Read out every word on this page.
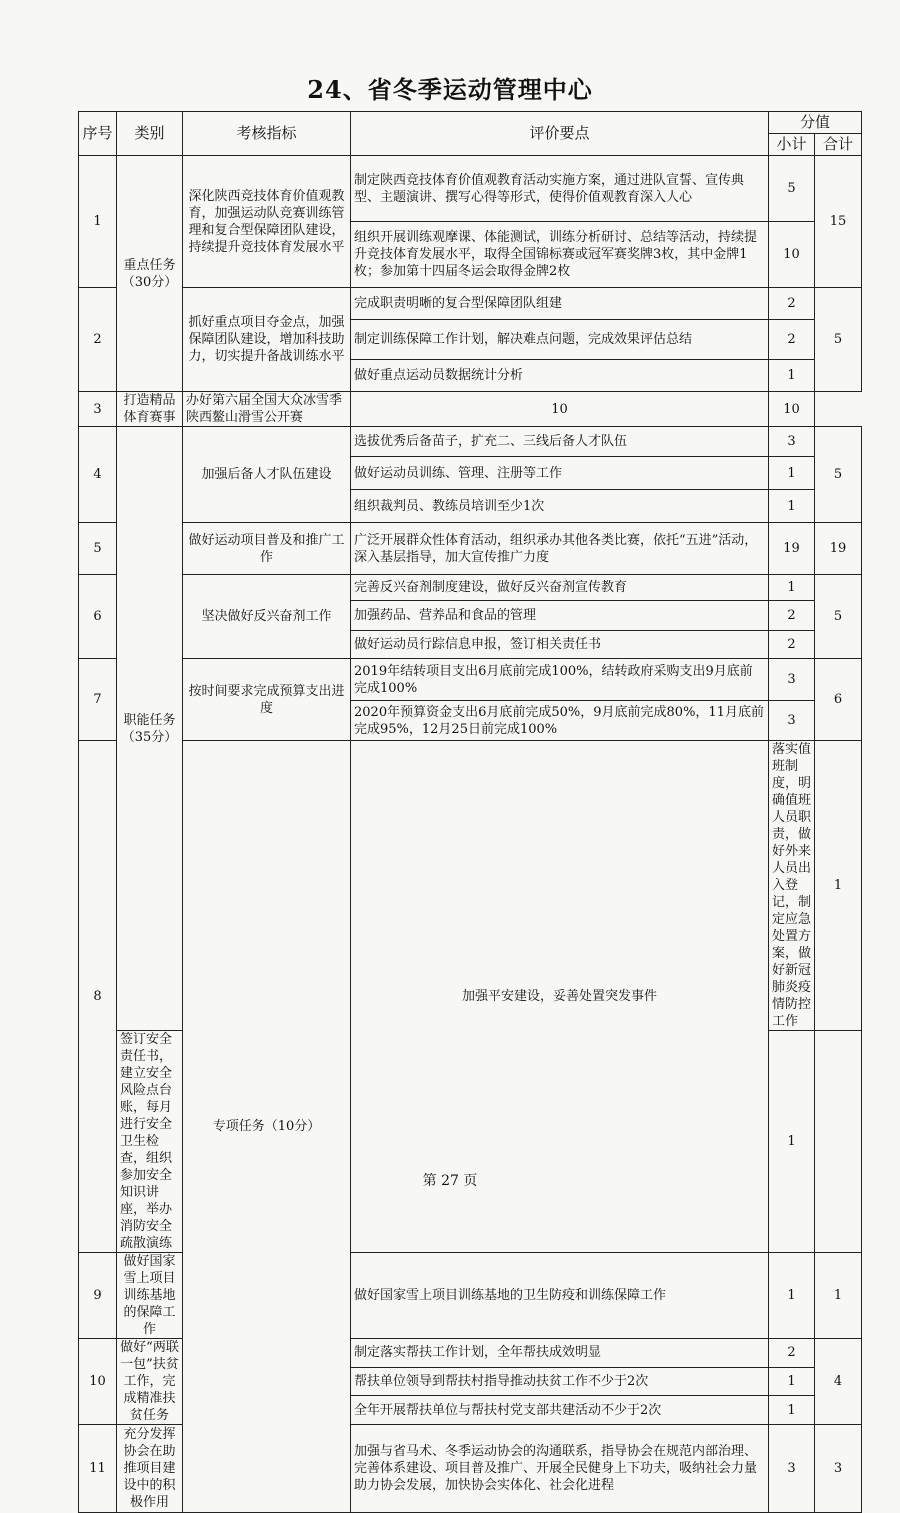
24、省冬季运动管理中心
序号	类别	考核指标	评价要点	分值		
				小计	合计	
1	重点任务（30分）	深化陕西竞技体育价值观教育，加强运动队竞赛训练管理和复合型保障团队建设，持续提升竞技体育发展水平	制定陕西竞技体育价值观教育活动实施方案，通过进队宣誓、宣传典型、主题演讲、撰写心得等形式，使得价值观教育深入人心	5	15	
			组织开展训练观摩课、体能测试，训练分析研讨、总结等活动，持续提升竞技体育发展水平，取得全国锦标赛或冠军赛奖牌3枚，其中金牌1枚；参加第十四届冬运会取得金牌2枚	10		
2		抓好重点项目夺金点，加强保障团队建设，增加科技助力，切实提升备战训练水平	完成职责明晰的复合型保障团队组建	2	5	
			制定训练保障工作计划，解决难点问题，完成效果评估总结	2		
			做好重点运动员数据统计分析	1		
3	打造精品体育赛事	办好第六届全国大众冰雪季陕西鳌山滑雪公开赛	10	10		
4	职能任务（35分）	加强后备人才队伍建设	选拔优秀后备苗子，扩充二、三线后备人才队伍	3	5	
			做好运动员训练、管理、注册等工作	1		
			组织裁判员、教练员培训至少1次	1		
5		做好运动项目普及和推广工作	广泛开展群众性体育活动，组织承办其他各类比赛，依托“五进”活动，深入基层指导，加大宣传推广力度	19	19	
6		坚决做好反兴奋剂工作	完善反兴奋剂制度建设，做好反兴奋剂宣传教育	1	5	
			加强药品、营养品和食品的管理	2		
			做好运动员行踪信息申报，签订相关责任书	2		
7		按时间要求完成预算支出进度	2019年结转项目支出6月底前完成100%，结转政府采购支出9月底前完成100%	3	6	
			2020年预算资金支出6月底前完成50%，9月底前完成80%，11月底前完成95%，12月25日前完成100%	3		
8		专项任务（10分）	加强平安建设，妥善处置突发事件	落实值班制度，明确值班人员职责，做好外来人员出入登记，制定应急处置方案，做好新冠肺炎疫情防控工作	1	
	签订安全责任书，建立安全风险点台账，每月进行安全卫生检查，组织参加安全知识讲座，举办消防安全疏散演练			1		
9	做好国家雪上项目训练基地的保障工作		做好国家雪上项目训练基地的卫生防疫和训练保障工作	1	1	
10	做好“两联一包”扶贫工作，完成精准扶贫任务		制定落实帮扶工作计划，全年帮扶成效明显	2	4	
			帮扶单位领导到帮扶村指导推动扶贫工作不少于2次	1		
			全年开展帮扶单位与帮扶村党支部共建活动不少于2次	1		
11	充分发挥协会在助推项目建设中的积极作用		加强与省马术、冬季运动协会的沟通联系，指导协会在规范内部治理、完善体系建设、项目普及推广、开展全民健身上下功夫，吸纳社会力量助力协会发展，加快协会实体化、社会化进程	3	3	
第 27 页
